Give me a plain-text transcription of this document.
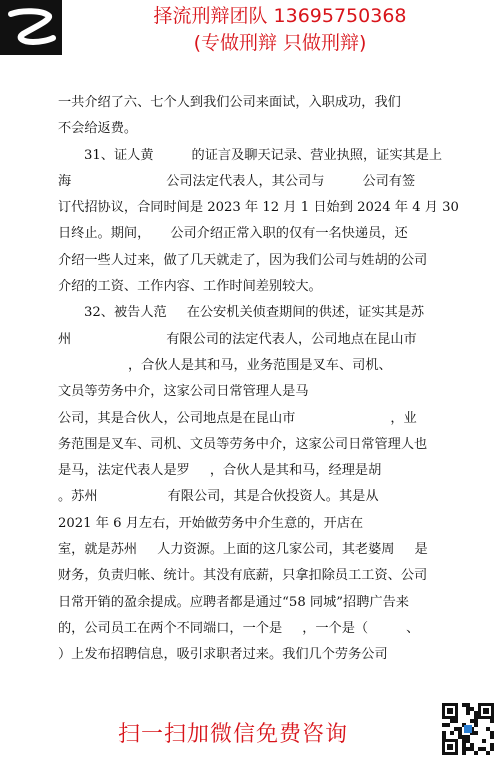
择流刑辩团队 13695750368
(专做刑辩 只做刑辩)

一共介绍了六、七个人到我们公司来面试，入职成功，我们
不会给返费。

31、证人黄	的证言及聊天记录、营业执照，证实其是上
海	公司法定代表人，其公司与	公司有签
订代招协议，合同时间是 2023 年 12 月 1 日始到 2024 年 4 月 30
日终止。期间， 公司介绍正常入职的仅有一名快递员，还
介绍一些人过来，做了几天就走了，因为我们公司与姓胡的公司
介绍的工资、工作内容、工作时间差别较大。

32、被告人范 在公安机关侦查期间的供述，证实其是苏
州	有限公司的法定代表人，公司地点在昆山市
，合伙人是其和马，业务范围是叉车、司机、
文员等劳务中介，这家公司日常管理人是马
公司，其是合伙人，公司地点是在昆山市	，业
务范围是叉车、司机、文员等劳务中介，这家公司日常管理人也
是马，法定代表人是罗 ，合伙人是其和马，经理是胡
。苏州	有限公司，其是合伙投资人。其是从
2021 年 6 月左右，开始做劳务中介生意的，开店在
室，就是苏州 人力资源。上面的这几家公司，其老婆周 是
财务，负责归帐、统计。其没有底薪，只拿扣除员工工资、公司
日常开销的盈余提成。应聘者都是通过“58 同城”招聘广告来
的，公司员工在两个不同端口，一个是 ，一个是（	、
）上发布招聘信息，吸引求职者过来。我们几个劳务公司

扫一扫加微信免费咨询
